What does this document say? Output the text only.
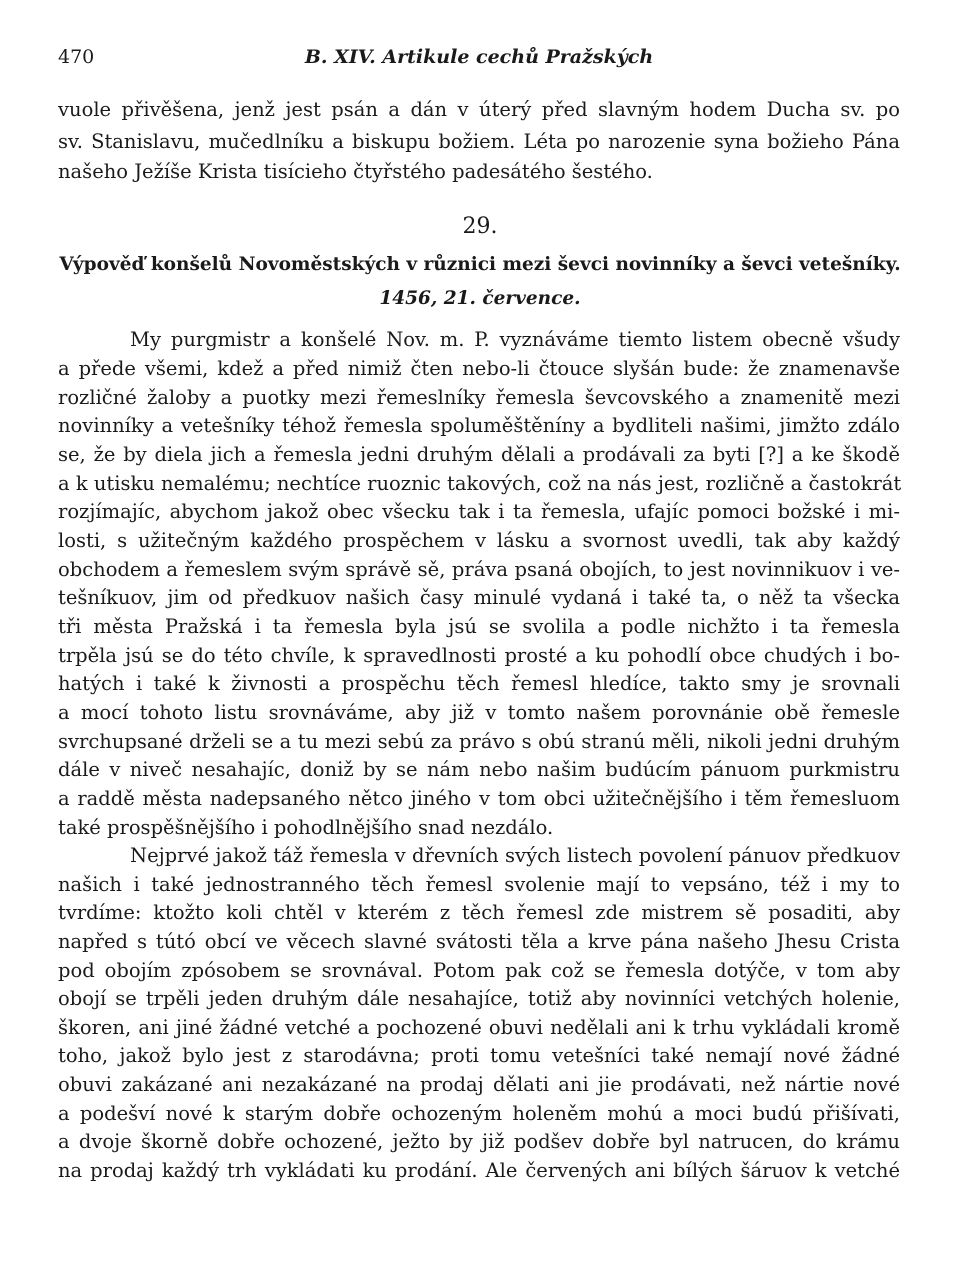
470	B. XIV. Artikule cechů Pražských
vuole přivěšena, jenž jest psán a dán v úterý před slavným hodem Ducha sv. po
sv. Stanislavu, mučedlníku a biskupu božiem. Léta po narozenie syna božieho Pána
našeho Ježíše Krista tisícieho čtyřstého padesátého šestého.
29.
Výpověď konšelů Novoměstských v různici mezi ševci novinníky a ševci vetešníky.
1456, 21. července.
My purgmistr a konšelé Nov. m. P. vyznáváme tiemto listem obecně všudy
a přede všemi, kdež a před nimiž čten nebo-li čtouce slyšán bude: že znamenavše
rozličné žaloby a puotky mezi řemeslníky řemesla ševcovského a znamenitě mezi
novinníky a vetešníky téhož řemesla spoluměštěníny a bydliteli našimi, jimžto zdálo
se, že by diela jich a řemesla jedni druhým dělali a prodávali za byti [?] a ke škodě
a k utisku nemalému; nechtíce ruoznic takových, což na nás jest, rozličně a častokrát
rozjímajíc, abychom jakož obec všecku tak i ta řemesla, ufajíc pomoci božské i mi-
losti, s užitečným každého prospěchem v lásku a svornost uvedli, tak aby každý
obchodem a řemeslem svým správě sě, práva psaná obojích, to jest novinnikuov i ve-
tešníkuov, jim od předkuov našich časy minulé vydaná i také ta, o něž ta všecka
tři města Pražská i ta řemesla byla jsú se svolila a podle nichžto i ta řemesla
trpěla jsú se do této chvíle, k spravedlnosti prosté a ku pohodlí obce chudých i bo-
hatých i také k živnosti a prospěchu těch řemesl hledíce, takto smy je srovnali
a mocí tohoto listu srovnáváme, aby již v tomto našem porovnánie obě řemesle
svrchupsané drželi se a tu mezi sebú za právo s obú stranú měli, nikoli jedni druhým
dále v niveč nesahajíc, doniž by se nám nebo našim budúcím pánuom purkmistru
a raddě města nadepsaného nětco jiného v tom obci užitečnějšího i těm řemesluom
také prospěšnějšího i pohodlnějšího snad nezdálo.
Nejprvé jakož táž řemesla v dřevních svých listech povolení pánuov předkuov
našich i také jednostranného těch řemesl svolenie mají to vepsáno, též i my to
tvrdíme: ktožto koli chtěl v kterém z těch řemesl zde mistrem sě posaditi, aby
napřed s tútó obcí ve věcech slavné svátosti těla a krve pána našeho Jhesu Crista
pod obojím zpósobem se srovnával. Potom pak což se řemesla dotýče, v tom aby
obojí se trpěli jeden druhým dále nesahajíce, totiž aby novinníci vetchých holenie,
škoren, ani jiné žádné vetché a pochozené obuvi nedělali ani k trhu vykládali kromě
toho, jakož bylo jest z starodávna; proti tomu vetešníci také nemají nové žádné
obuvi zakázané ani nezakázané na prodaj dělati ani jie prodávati, než nártie nové
a podešví nové k starým dobře ochozeným holeněm mohú a moci budú přišívati,
a dvoje škorně dobře ochozené, ježto by již podšev dobře byl natrucen, do krámu
na prodaj každý trh vykládati ku prodání. Ale červených ani bílých šáruov k vetché
